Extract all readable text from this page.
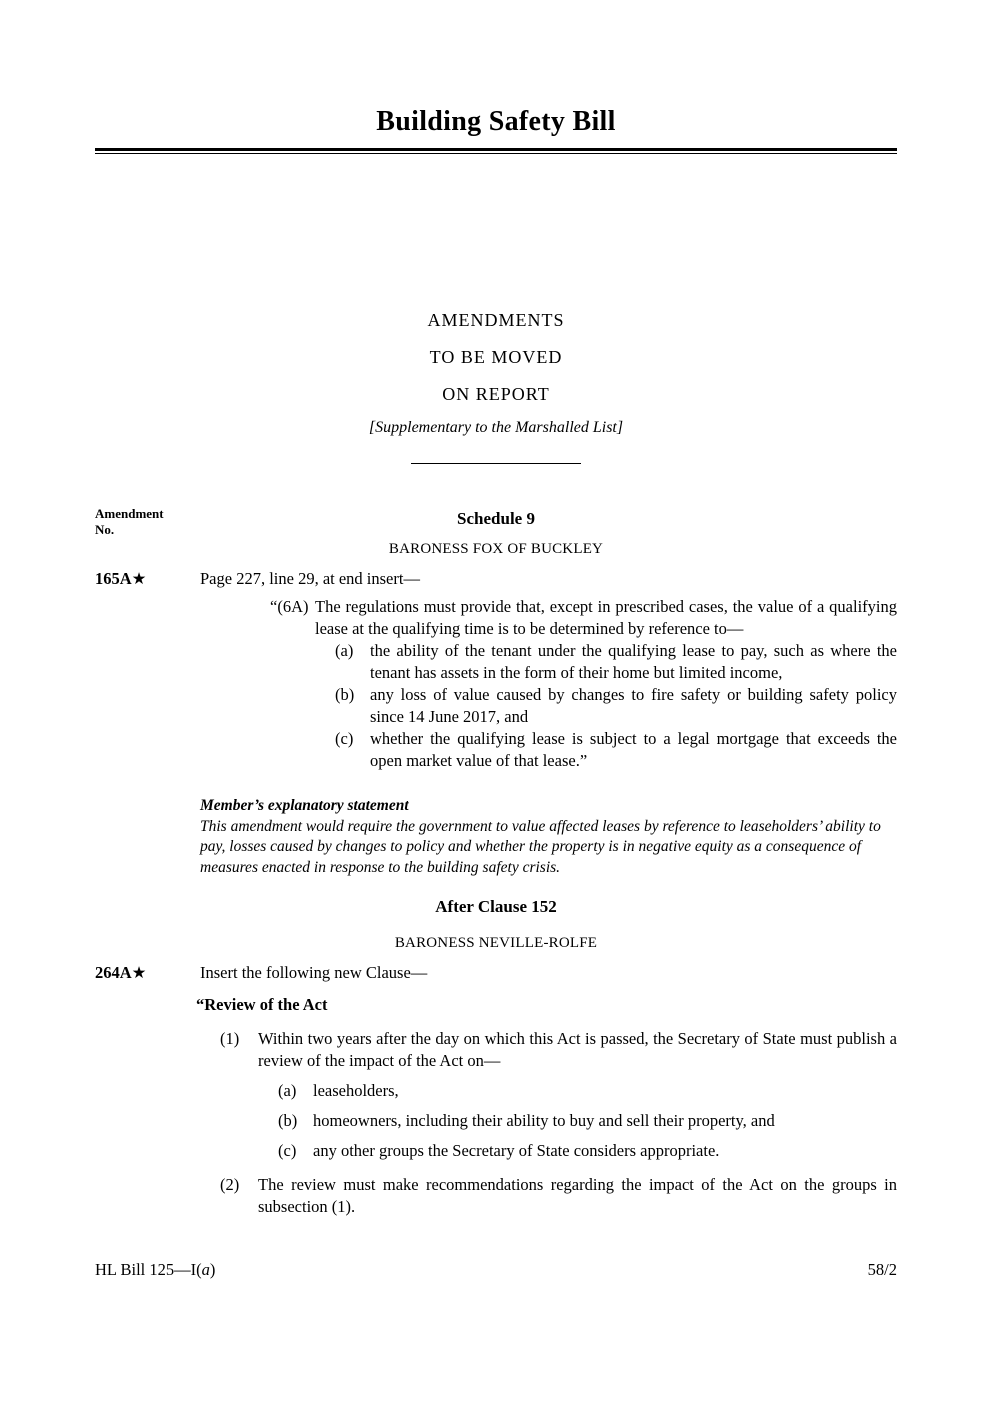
Building Safety Bill
AMENDMENTS
TO BE MOVED
ON REPORT
[Supplementary to the Marshalled List]
Amendment
No.
Schedule 9
BARONESS FOX OF BUCKLEY
165A★	Page 227, line 29, at end insert—
“(6A) The regulations must provide that, except in prescribed cases, the value of a qualifying lease at the qualifying time is to be determined by reference to—
(a)	the ability of the tenant under the qualifying lease to pay, such as where the tenant has assets in the form of their home but limited income,
(b) any loss of value caused by changes to fire safety or building safety policy since 14 June 2017, and
(c)	whether the qualifying lease is subject to a legal mortgage that exceeds the open market value of that lease.”
Member’s explanatory statement
This amendment would require the government to value affected leases by reference to leaseholders’ ability to pay, losses caused by changes to policy and whether the property is in negative equity as a consequence of measures enacted in response to the building safety crisis.
After Clause 152
BARONESS NEVILLE-ROLFE
264A★	Insert the following new Clause—
“Review of the Act
(1)	Within two years after the day on which this Act is passed, the Secretary of State must publish a review of the impact of the Act on—
(a)	leaseholders,
(b) homeowners, including their ability to buy and sell their property, and
(c)	any other groups the Secretary of State considers appropriate.
(2)	The review must make recommendations regarding the impact of the Act on the groups in subsection (1).
HL Bill 125—I(a)	58/2
